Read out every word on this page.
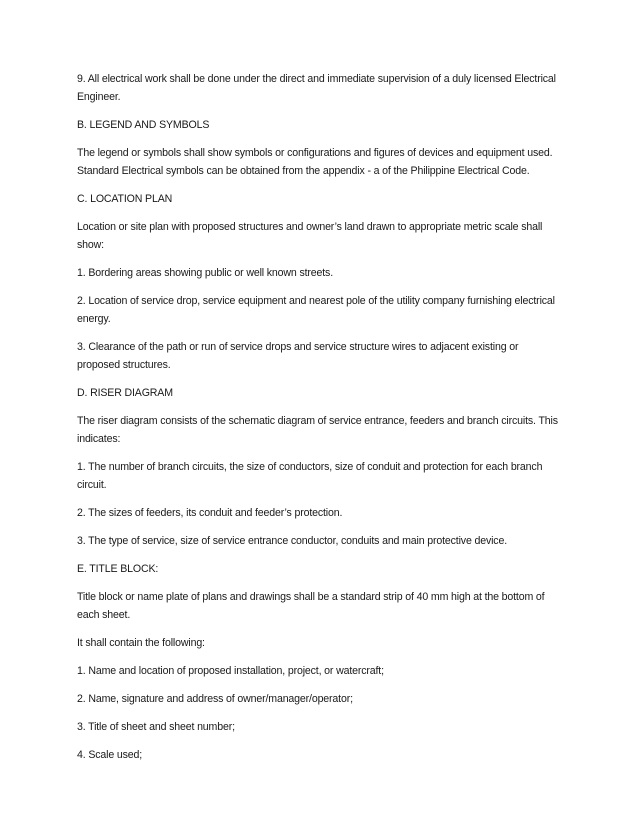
9. All electrical work shall be done under the direct and immediate supervision of a duly licensed Electrical Engineer.

B. LEGEND AND SYMBOLS

The legend or symbols shall show symbols or configurations and figures of devices and equipment used. Standard Electrical symbols can be obtained from the appendix - a of the Philippine Electrical Code.

C. LOCATION PLAN

Location or site plan with proposed structures and owner’s land drawn to appropriate metric scale shall show:

1. Bordering areas showing public or well known streets.

2. Location of service drop, service equipment and nearest pole of the utility company furnishing electrical energy.

3. Clearance of the path or run of service drops and service structure wires to adjacent existing or proposed structures.

D. RISER DIAGRAM

The riser diagram consists of the schematic diagram of service entrance, feeders and branch circuits. This indicates:

1. The number of branch circuits, the size of conductors, size of conduit and protection for each branch circuit.

2. The sizes of feeders, its conduit and feeder’s protection.

3. The type of service, size of service entrance conductor, conduits and main protective device.

E. TITLE BLOCK:

Title block or name plate of plans and drawings shall be a standard strip of 40 mm high at the bottom of each sheet.

It shall contain the following:

1. Name and location of proposed installation, project, or watercraft;

2. Name, signature and address of owner/manager/operator;

3. Title of sheet and sheet number;

4. Scale used;
